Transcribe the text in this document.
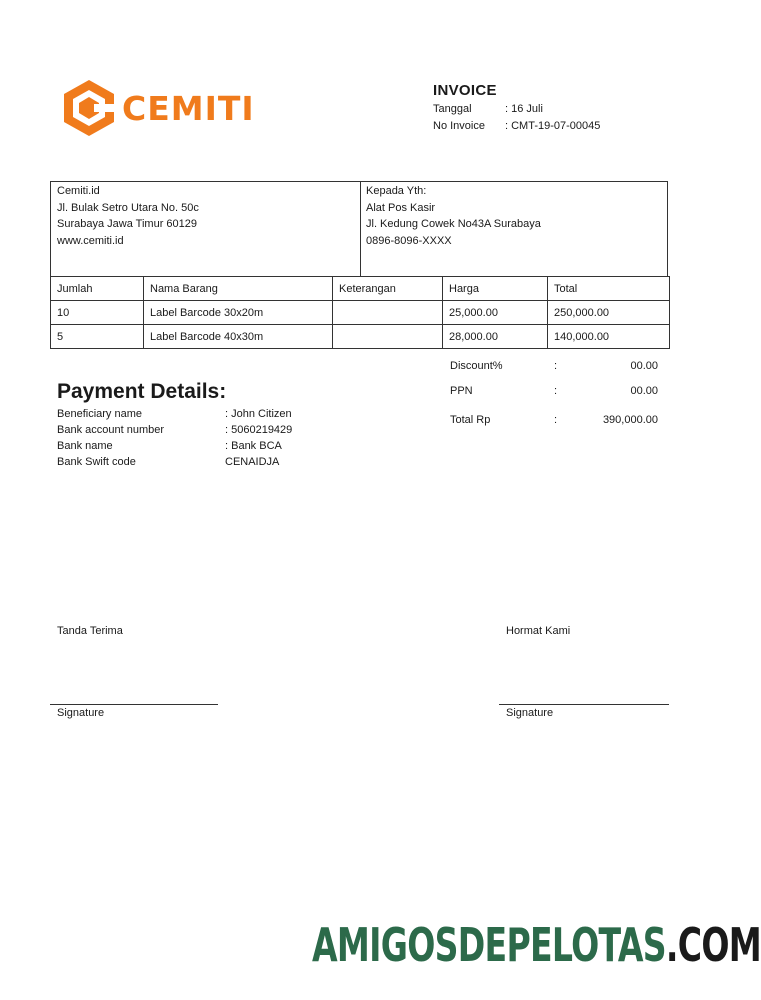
CEMITI	INVOICE
Tanggal	: 16 Juli
No Invoice	: CMT-19-07-00045
Cemiti.id
Jl. Bulak Setro Utara No. 50c
Surabaya Jawa Timur 60129
www.cemiti.id
Kepada Yth:
Alat Pos Kasir
Jl. Kedung Cowek No43A Surabaya
0896-8096-XXXX
Jumlah	Nama Barang	Keterangan	Harga	Total
10	Label Barcode 30x20m		25,000.00	250,000.00
5	Label Barcode 40x30m		28,000.00	140,000.00
Discount%	:	00.00
PPN	:	00.00
Total Rp	:	390,000.00
Payment Details:
Beneficiary name	: John Citizen
Bank account number	: 5060219429
Bank name	: Bank BCA
Bank Swift code	CENAIDJA
Tanda Terima	Hormat Kami
Signature	Signature
AMIGOSDEPELOTAS.COM
